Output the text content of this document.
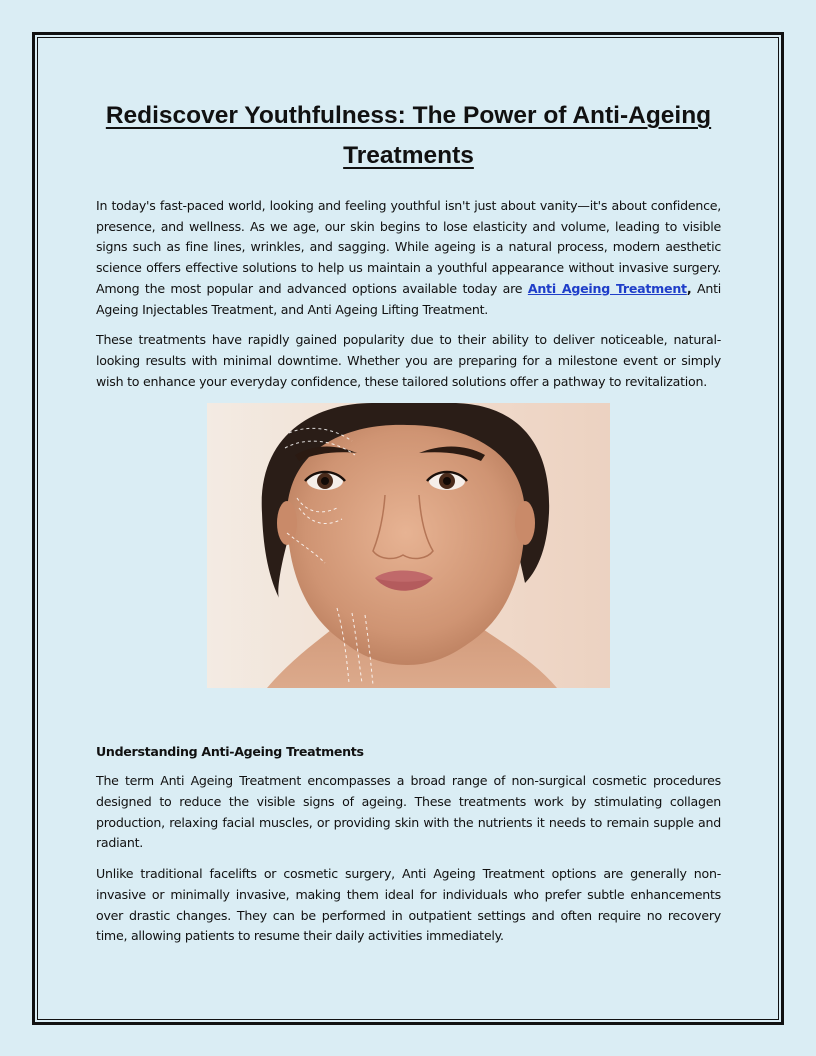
Rediscover Youthfulness: The Power of Anti-Ageing Treatments

In today's fast-paced world, looking and feeling youthful isn't just about vanity—it's about confidence, presence, and wellness. As we age, our skin begins to lose elasticity and volume, leading to visible signs such as fine lines, wrinkles, and sagging. While ageing is a natural process, modern aesthetic science offers effective solutions to help us maintain a youthful appearance without invasive surgery. Among the most popular and advanced options available today are Anti Ageing Treatment, Anti Ageing Injectables Treatment, and Anti Ageing Lifting Treatment.

These treatments have rapidly gained popularity due to their ability to deliver noticeable, natural-looking results with minimal downtime. Whether you are preparing for a milestone event or simply wish to enhance your everyday confidence, these tailored solutions offer a pathway to revitalization.

Understanding Anti-Ageing Treatments

The term Anti Ageing Treatment encompasses a broad range of non-surgical cosmetic procedures designed to reduce the visible signs of ageing. These treatments work by stimulating collagen production, relaxing facial muscles, or providing skin with the nutrients it needs to remain supple and radiant.

Unlike traditional facelifts or cosmetic surgery, Anti Ageing Treatment options are generally non-invasive or minimally invasive, making them ideal for individuals who prefer subtle enhancements over drastic changes. They can be performed in outpatient settings and often require no recovery time, allowing patients to resume their daily activities immediately.
